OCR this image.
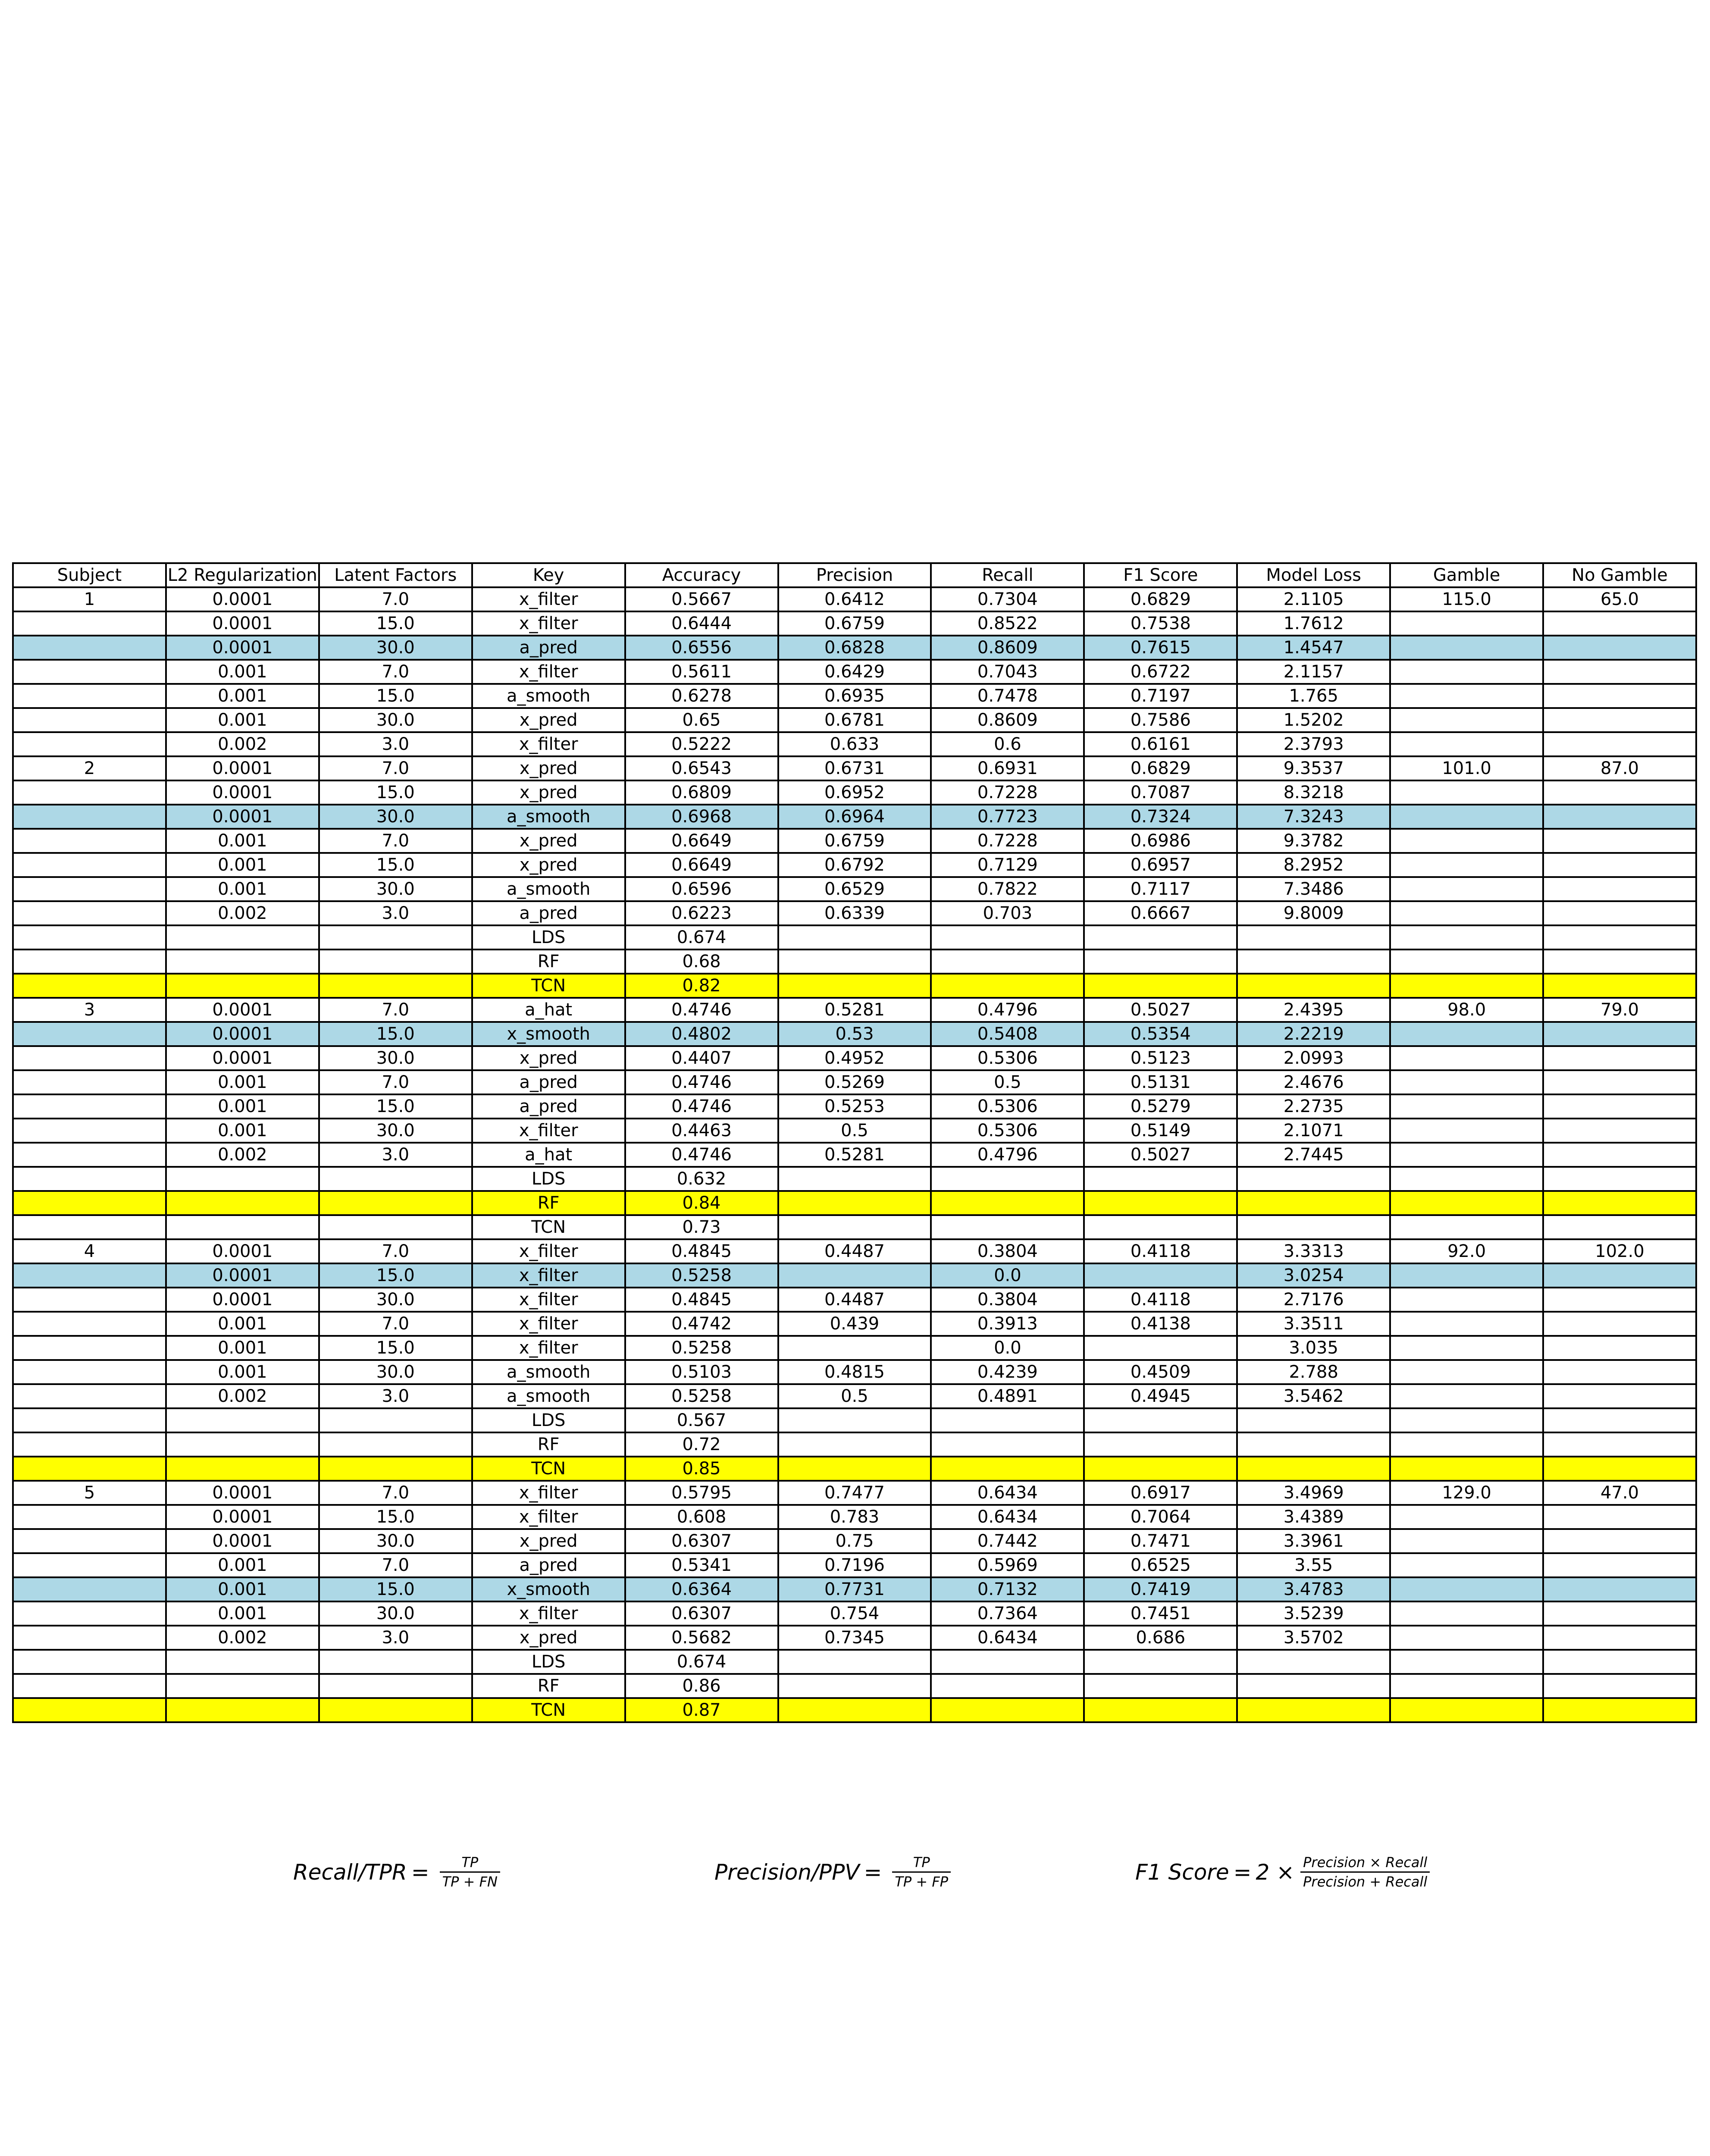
Subject	L2 Regularization	Latent Factors	Key	Accuracy	Precision	Recall	F1 Score	Model Loss	Gamble	No Gamble
1	0.0001	7.0	x_filter	0.5667	0.6412	0.7304	0.6829	2.1105	115.0	65.0
	0.0001	15.0	x_filter	0.6444	0.6759	0.8522	0.7538	1.7612		
	0.0001	30.0	a_pred	0.6556	0.6828	0.8609	0.7615	1.4547		
	0.001	7.0	x_filter	0.5611	0.6429	0.7043	0.6722	2.1157		
	0.001	15.0	a_smooth	0.6278	0.6935	0.7478	0.7197	1.765		
	0.001	30.0	x_pred	0.65	0.6781	0.8609	0.7586	1.5202		
	0.002	3.0	x_filter	0.5222	0.633	0.6	0.6161	2.3793		
2	0.0001	7.0	x_pred	0.6543	0.6731	0.6931	0.6829	9.3537	101.0	87.0
	0.0001	15.0	x_pred	0.6809	0.6952	0.7228	0.7087	8.3218		
	0.0001	30.0	a_smooth	0.6968	0.6964	0.7723	0.7324	7.3243		
	0.001	7.0	x_pred	0.6649	0.6759	0.7228	0.6986	9.3782		
	0.001	15.0	x_pred	0.6649	0.6792	0.7129	0.6957	8.2952		
	0.001	30.0	a_smooth	0.6596	0.6529	0.7822	0.7117	7.3486		
	0.002	3.0	a_pred	0.6223	0.6339	0.703	0.6667	9.8009		
			LDS	0.674						
			RF	0.68						
			TCN	0.82						
3	0.0001	7.0	a_hat	0.4746	0.5281	0.4796	0.5027	2.4395	98.0	79.0
	0.0001	15.0	x_smooth	0.4802	0.53	0.5408	0.5354	2.2219		
	0.0001	30.0	x_pred	0.4407	0.4952	0.5306	0.5123	2.0993		
	0.001	7.0	a_pred	0.4746	0.5269	0.5	0.5131	2.4676		
	0.001	15.0	a_pred	0.4746	0.5253	0.5306	0.5279	2.2735		
	0.001	30.0	x_filter	0.4463	0.5	0.5306	0.5149	2.1071		
	0.002	3.0	a_hat	0.4746	0.5281	0.4796	0.5027	2.7445		
			LDS	0.632						
			RF	0.84						
			TCN	0.73						
4	0.0001	7.0	x_filter	0.4845	0.4487	0.3804	0.4118	3.3313	92.0	102.0
	0.0001	15.0	x_filter	0.5258		0.0		3.0254		
	0.0001	30.0	x_filter	0.4845	0.4487	0.3804	0.4118	2.7176		
	0.001	7.0	x_filter	0.4742	0.439	0.3913	0.4138	3.3511		
	0.001	15.0	x_filter	0.5258		0.0		3.035		
	0.001	30.0	a_smooth	0.5103	0.4815	0.4239	0.4509	2.788		
	0.002	3.0	a_smooth	0.5258	0.5	0.4891	0.4945	3.5462		
			LDS	0.567						
			RF	0.72						
			TCN	0.85						
5	0.0001	7.0	x_filter	0.5795	0.7477	0.6434	0.6917	3.4969	129.0	47.0
	0.0001	15.0	x_filter	0.608	0.783	0.6434	0.7064	3.4389		
	0.0001	30.0	x_pred	0.6307	0.75	0.7442	0.7471	3.3961		
	0.001	7.0	a_pred	0.5341	0.7196	0.5969	0.6525	3.55		
	0.001	15.0	x_smooth	0.6364	0.7731	0.7132	0.7419	3.4783		
	0.001	30.0	x_filter	0.6307	0.754	0.7364	0.7451	3.5239		
	0.002	3.0	x_pred	0.5682	0.7345	0.6434	0.686	3.5702		
			LDS	0.674						
			RF	0.86						
			TCN	0.87						
Recall/TPR = $\frac{TP}{TP + FN}$	Precision/PPV = $\frac{TP}{TP + FP}$	F1 Score = $2 \times \frac{\text{Precision × Recall}}{\text{Precision + Recall}}$
